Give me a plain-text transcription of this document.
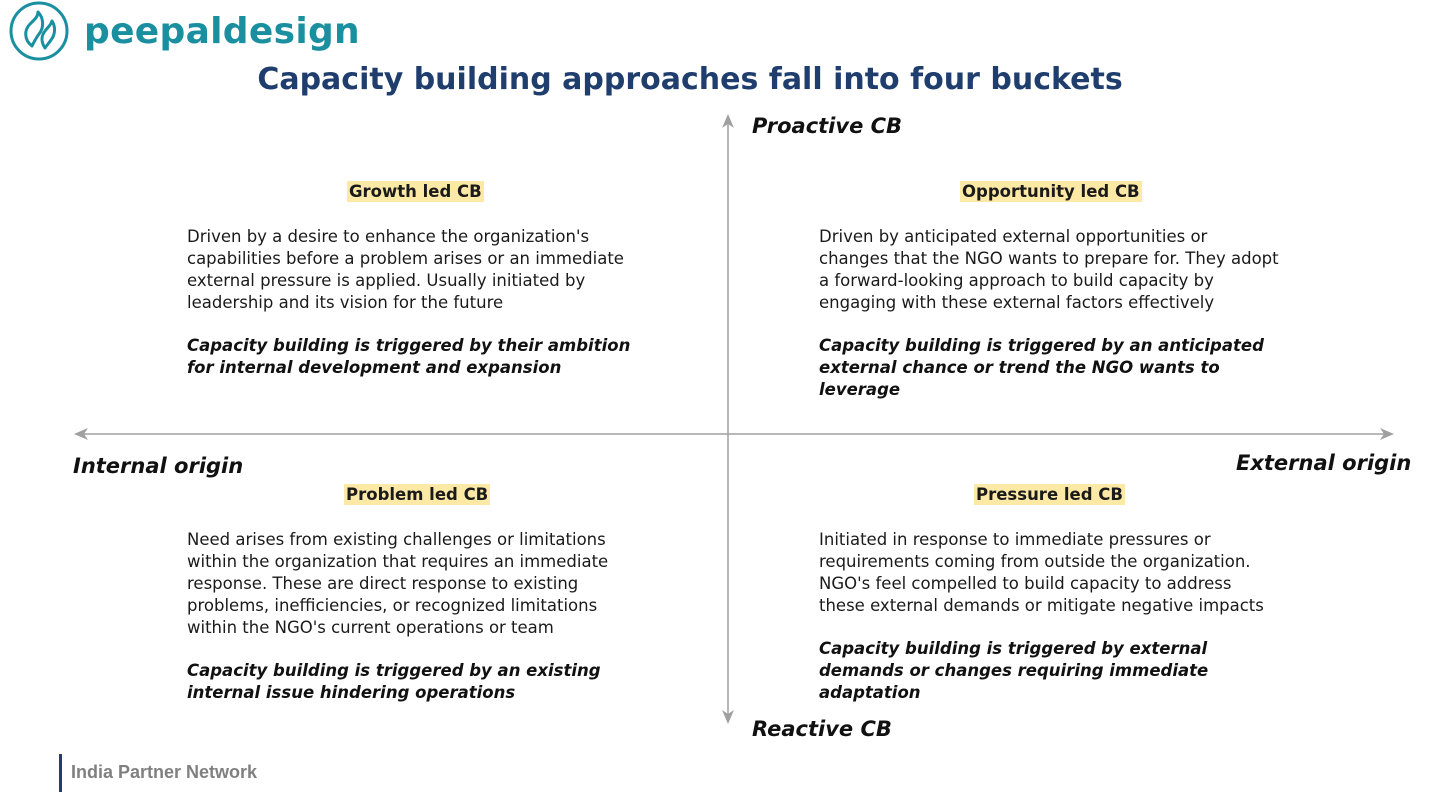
peepaldesign
Capacity building approaches fall into four buckets
Proactive CB
Reactive CB
Internal origin	External origin
Growth led CB
Driven by a desire to enhance the organization's capabilities before a problem arises or an immediate external pressure is applied. Usually initiated by leadership and its vision for the future
Capacity building is triggered by their ambition for internal development and expansion
Opportunity led CB
Driven by anticipated external opportunities or changes that the NGO wants to prepare for. They adopt a forward-looking approach to build capacity by engaging with these external factors effectively
Capacity building is triggered by an anticipated external chance or trend the NGO wants to leverage
Problem led CB
Need arises from existing challenges or limitations within the organization that requires an immediate response. These are direct response to existing problems, inefficiencies, or recognized limitations within the NGO's current operations or team
Capacity building is triggered by an existing internal issue hindering operations
Pressure led CB
Initiated in response to immediate pressures or requirements coming from outside the organization. NGO's feel compelled to build capacity to address these external demands or mitigate negative impacts
Capacity building is triggered by external demands or changes requiring immediate adaptation
India Partner Network
